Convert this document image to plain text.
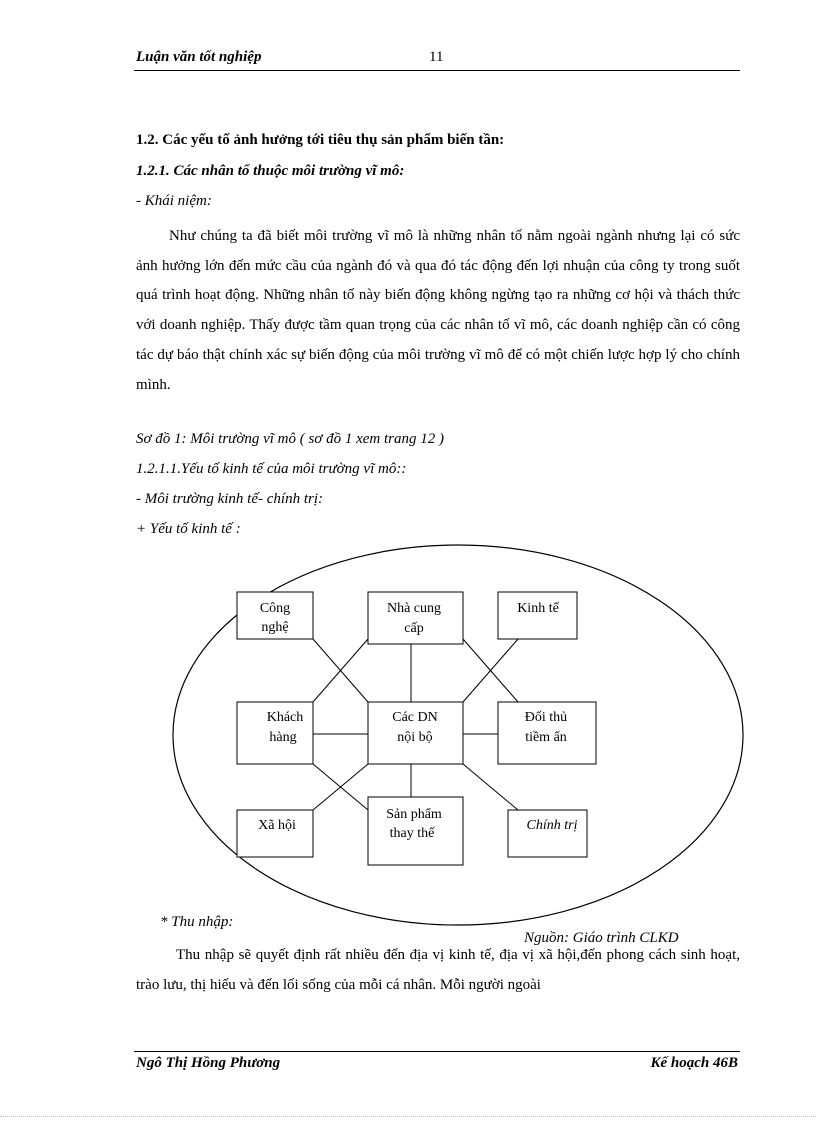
Luận văn tốt nghiệp	11
1.2. Các yếu tố ảnh hưởng tới tiêu thụ sản phẩm biến tần:
1.2.1. Các nhân tố thuộc môi trường vĩ mô:
- Khái niệm:

Như chúng ta đã biết môi trường vĩ mô là những nhân tố nằm ngoài ngành nhưng lại có sức ảnh hưởng lớn đến mức cầu của ngành đó và qua đó tác động đến lợi nhuận của công ty trong suốt quá trình hoạt động. Những nhân tố này biến động không ngừng tạo ra những cơ hội và thách thức với doanh nghiệp. Thấy được tầm quan trọng của các nhân tố vĩ mô, các doanh nghiệp cần có công tác dự báo thật chính xác sự biến động của môi trường vĩ mô để có một chiến lược hợp lý cho chính mình.

Sơ đồ 1: Môi trường vĩ mô ( sơ đồ 1 xem trang 12 )
1.2.1.1.Yếu tố kinh tế của môi trường vĩ mô::
- Môi trường kinh tế- chính trị:
+ Yếu tố kinh tế :
Công
nghệ
Nhà cung
cấp
Kinh tế
Khách
hàng
Các DN
nội bộ
Đối thủ
tiềm ẩn
Xã hội
Sản phẩm
thay thế
Chính trị
Nguồn: Giáo trình CLKD
* Thu nhập:

Thu nhập sẽ quyết định rất nhiều đến địa vị kinh tế, địa vị xã hội,đến phong cách sinh hoạt, trào lưu, thị hiếu và đến lối sống của mỗi cá nhân. Mỗi người ngoài

Ngô Thị Hồng Phương	Kế hoạch 46B
